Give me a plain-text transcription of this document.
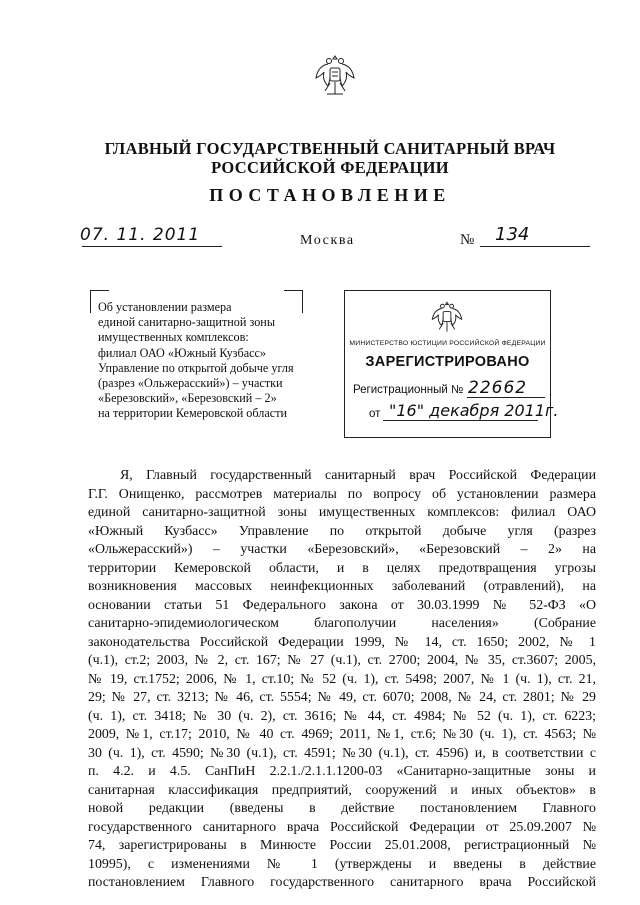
ГЛАВНЫЙ ГОСУДАРСТВЕННЫЙ САНИТАРНЫЙ ВРАЧ
РОССИЙСКОЙ ФЕДЕРАЦИИ
ПОСТАНОВЛЕНИЕ
07. 11. 2011	Москва	№ 134
Об установлении размера
единой санитарно-защитной зоны
имущественных комплексов:
филиал ОАО «Южный Кузбасс»
Управление по открытой добыче угля
(разрез «Ольжерасский») – участки
«Березовский», «Березовский – 2»
на территории Кемеровской области
МИНИСТЕРСТВО ЮСТИЦИИ РОССИЙСКОЙ ФЕДЕРАЦИИ
ЗАРЕГИСТРИРОВАНО
Регистрационный № 22662
от "16" декабря 2011г.
Я, Главный государственный санитарный врач Российской Федерации
Г.Г. Онищенко, рассмотрев материалы по вопросу об установлении размера
единой санитарно-защитной зоны имущественных комплексов: филиал ОАО
«Южный Кузбасс» Управление по открытой добыче угля (разрез
«Ольжерасский») – участки «Березовский», «Березовский – 2» на
территории Кемеровской области, и в целях предотвращения угрозы
возникновения массовых неинфекционных заболеваний (отравлений), на
основании статьи 51 Федерального закона от 30.03.1999 № 52-ФЗ «О
санитарно-эпидемиологическом благополучии населения» (Собрание
законодательства Российской Федерации 1999, № 14, ст. 1650; 2002, № 1
(ч.1), ст.2; 2003, № 2, ст. 167; № 27 (ч.1), ст. 2700; 2004, № 35, ст.3607; 2005,
№ 19, ст.1752; 2006, № 1, ст.10; № 52 (ч. 1), ст. 5498; 2007, № 1 (ч. 1), ст. 21,
29; № 27, ст. 3213; № 46, ст. 5554; № 49, ст. 6070; 2008, № 24, ст. 2801; № 29
(ч. 1), ст. 3418; № 30 (ч. 2), ст. 3616; № 44, ст. 4984; № 52 (ч. 1), ст. 6223;
2009, №1, ст.17; 2010, № 40 ст. 4969; 2011, №1, ст.6; №30 (ч. 1), ст. 4563; №
30 (ч. 1), ст. 4590; №30 (ч.1), ст. 4591; №30 (ч.1), ст. 4596) и, в соответствии с
п. 4.2. и 4.5. СанПиН 2.2.1./2.1.1.1200-03 «Санитарно-защитные зоны и
санитарная классификация предприятий, сооружений и иных объектов» в
новой редакции (введены в действие постановлением Главного
государственного санитарного врача Российской Федерации от 25.09.2007 №
74, зарегистрированы в Минюсте России 25.01.2008, регистрационный №
10995), с изменениями № 1 (утверждены и введены в действие
постановлением Главного государственного санитарного врача Российской
